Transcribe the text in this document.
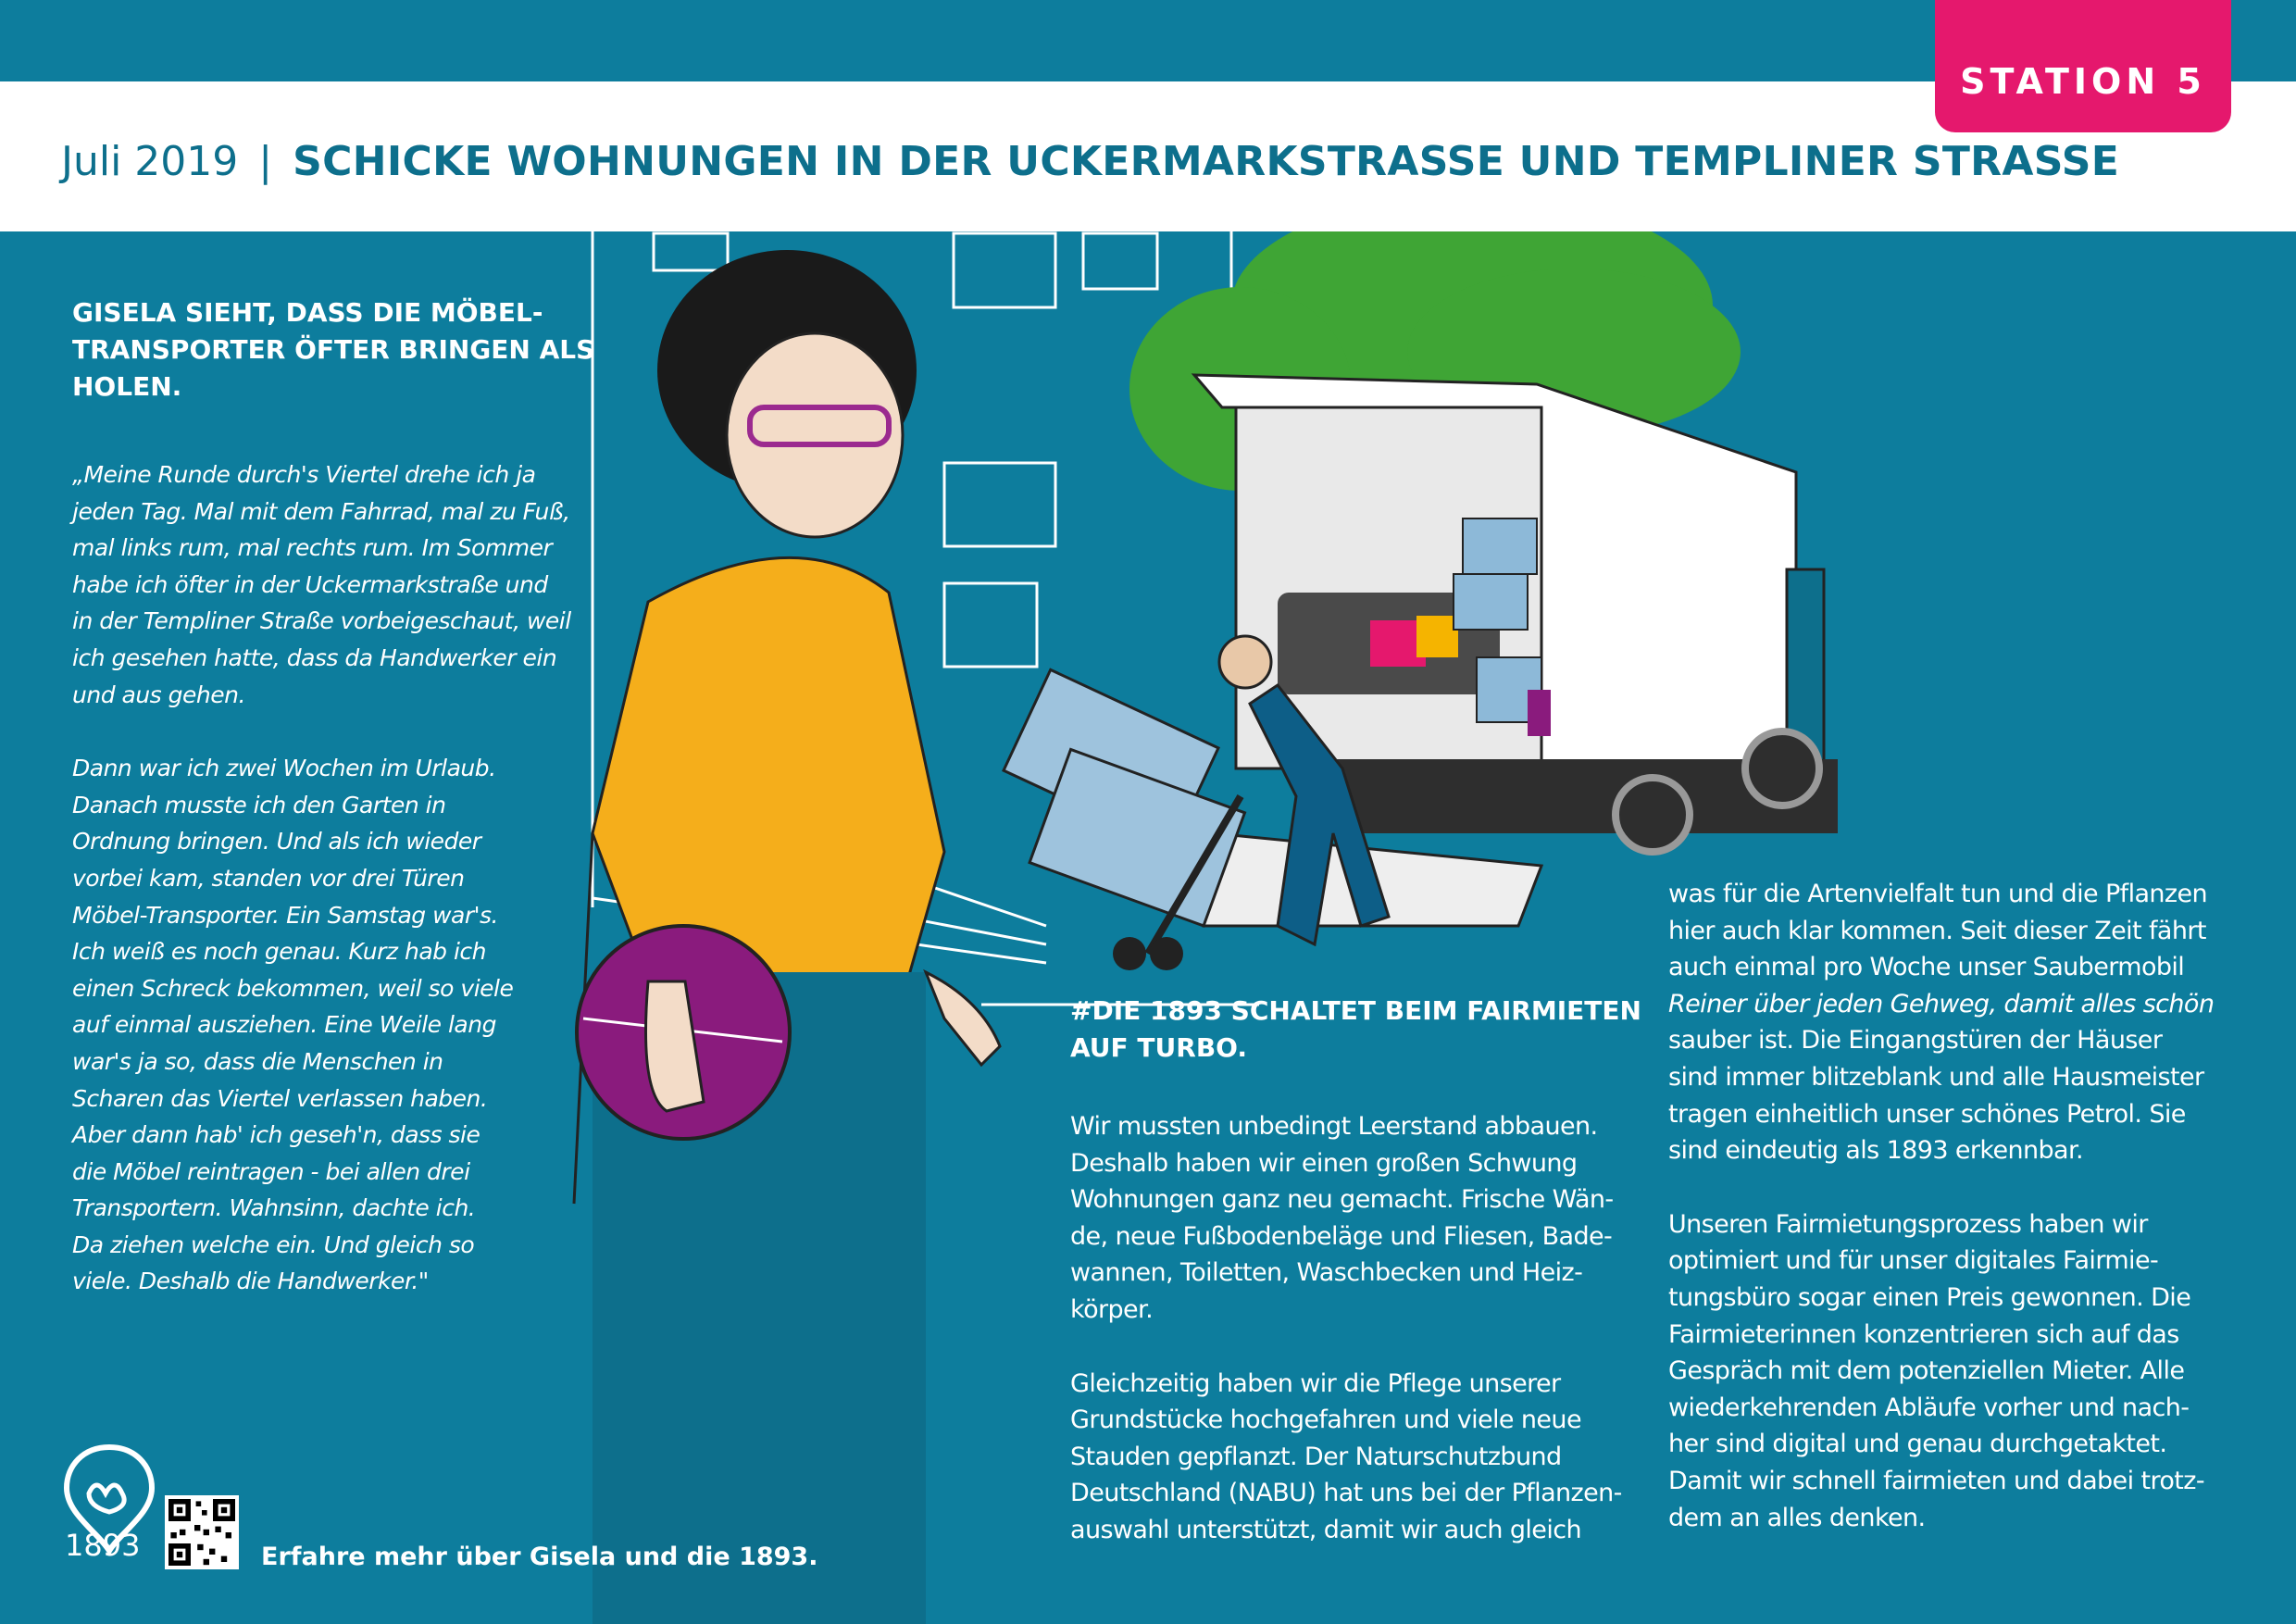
Juli 2019 | SCHICKE WOHNUNGEN IN DER UCKERMARKSTRASSE UND TEMPLINER STRASSE
STATION 5

GISELA SIEHT, DASS DIE MÖBEL-
TRANSPORTER ÖFTER BRINGEN ALS
HOLEN.

„Meine Runde durch's Viertel drehe ich ja
jeden Tag. Mal mit dem Fahrrad, mal zu Fuß,
mal links rum, mal rechts rum. Im Sommer
habe ich öfter in der Uckermarkstraße und
in der Templiner Straße vorbeigeschaut, weil
ich gesehen hatte, dass da Handwerker ein
und aus gehen.

Dann war ich zwei Wochen im Urlaub.
Danach musste ich den Garten in
Ordnung bringen. Und als ich wieder
vorbei kam, standen vor drei Türen
Möbel-Transporter. Ein Samstag war's.
Ich weiß es noch genau. Kurz hab ich
einen Schreck bekommen, weil so viele
auf einmal ausziehen. Eine Weile lang
war's ja so, dass die Menschen in
Scharen das Viertel verlassen haben.
Aber dann hab' ich geseh'n, dass sie
die Möbel reintragen - bei allen drei
Transportern. Wahnsinn, dachte ich.
Da ziehen welche ein. Und gleich so
viele. Deshalb die Handwerker."

#DIE 1893 SCHALTET BEIM FAIRMIETEN
AUF TURBO.

Wir mussten unbedingt Leerstand abbauen.
Deshalb haben wir einen großen Schwung
Wohnungen ganz neu gemacht. Frische Wän-
de, neue Fußbodenbeläge und Fliesen, Bade-
wannen, Toiletten, Waschbecken und Heiz-
körper.

Gleichzeitig haben wir die Pflege unserer
Grundstücke hochgefahren und viele neue
Stauden gepflanzt. Der Naturschutzbund
Deutschland (NABU) hat uns bei der Pflanzen-
auswahl unterstützt, damit wir auch gleich

was für die Artenvielfalt tun und die Pflanzen
hier auch klar kommen. Seit dieser Zeit fährt
auch einmal pro Woche unser Saubermobil
Reiner über jeden Gehweg, damit alles schön
sauber ist. Die Eingangstüren der Häuser
sind immer blitzeblank und alle Hausmeister
tragen einheitlich unser schönes Petrol. Sie
sind eindeutig als 1893 erkennbar.

Unseren Fairmietungsprozess haben wir
optimiert und für unser digitales Fairmie-
tungsbüro sogar einen Preis gewonnen. Die
Fairmieterinnen konzentrieren sich auf das
Gespräch mit dem potenziellen Mieter. Alle
wiederkehrenden Abläufe vorher und nach-
her sind digital und genau durchgetaktet.
Damit wir schnell fairmieten und dabei trotz-
dem an alles denken.

1893	Erfahre mehr über Gisela und die 1893.
